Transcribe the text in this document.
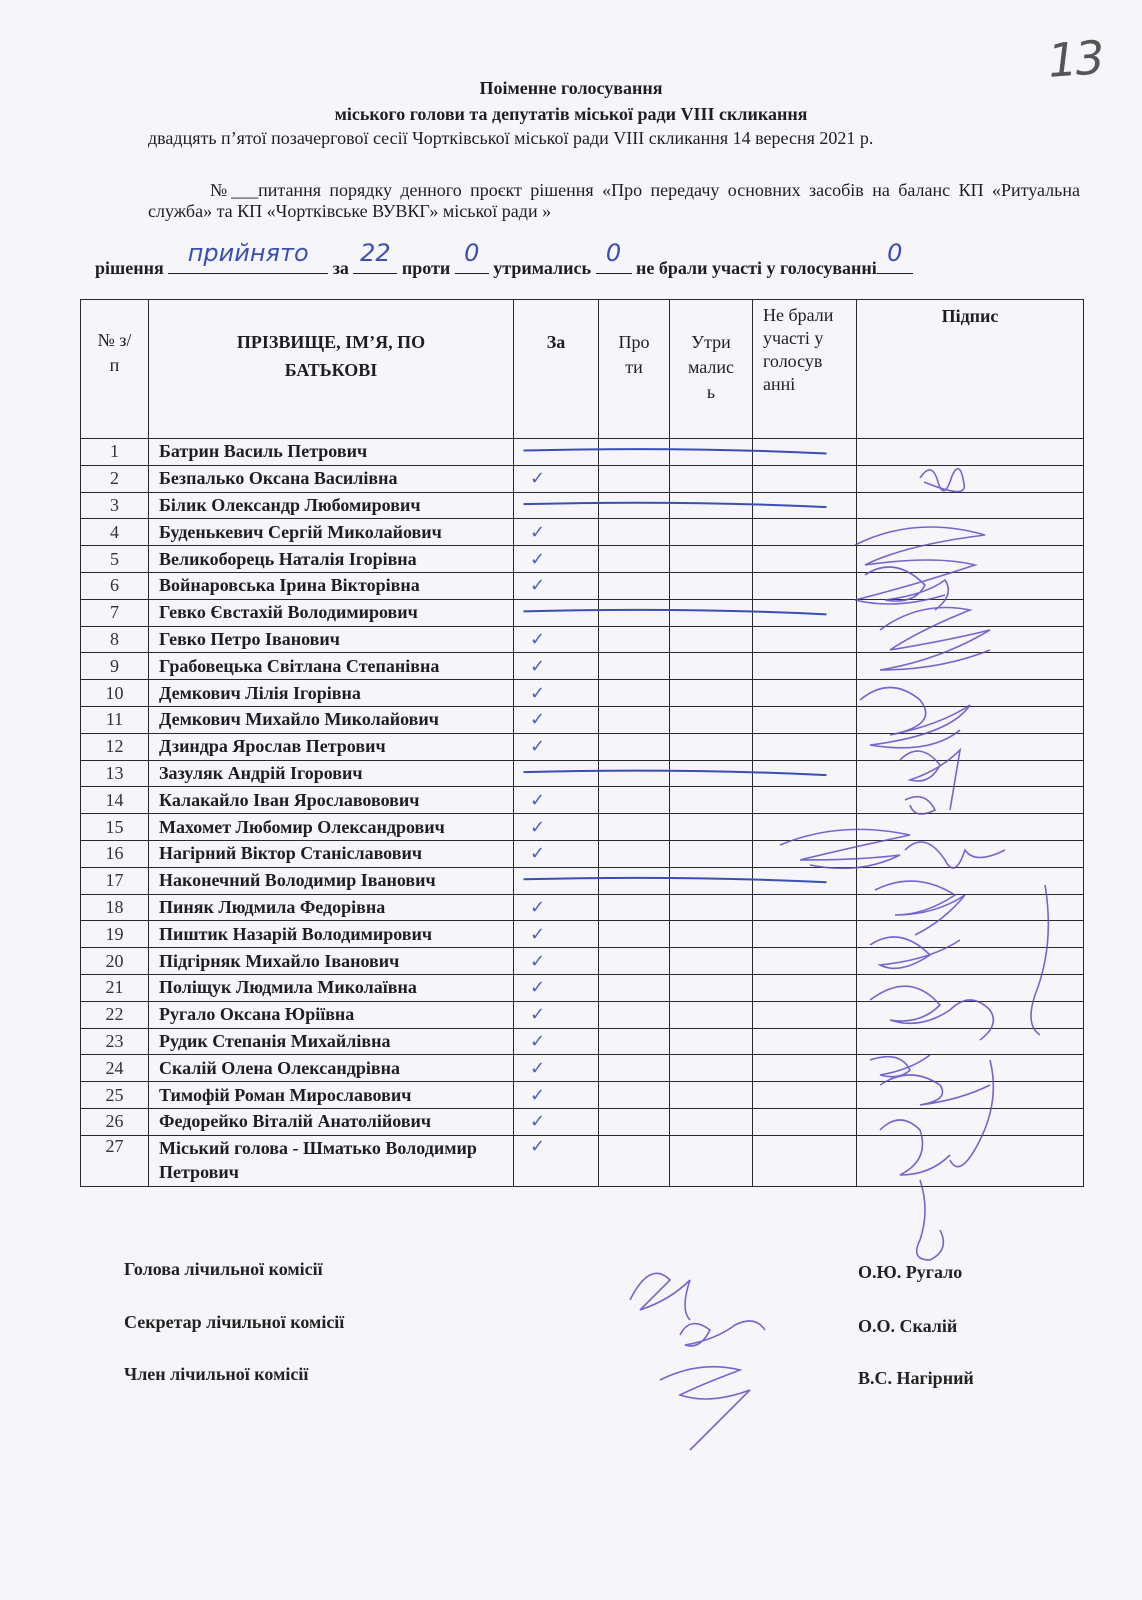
13
Поіменне голосування
міського голови та депутатів міської ради VIII скликання
двадцять п’ятої позачергової сесії Чортківської міської ради VIII скликання 14 вересня 2021 р.
№___питання порядку денного проєкт рішення «Про передачу основних засобів на баланс КП «Ритуальна служба» та КП «Чортківське ВУВКГ» міської ради »
рішення
прийнято
за
22
проти
0
утримались
0
не брали участі у голосуванні
0
№ з/п	ПРІЗВИЩЕ, ІМ’Я, ПО БАТЬКОВІ	За	Про ти	Утри малис ь	Не брали участі у голосув анні	Підпис

1	Батрин Василь Петрович					
2	Безпалько Оксана Василівна	✓				
3	Білик Олександр Любомирович					
4	Буденькевич Сергій Миколайович	✓				
5	Великоборець Наталія Ігорівна	✓				
6	Войнаровська Ірина Вікторівна	✓				
7	Гевко Євстахій Володимирович					
8	Гевко Петро Іванович	✓				
9	Грабовецька Світлана Степанівна	✓				
10	Демкович Лілія Ігорівна	✓				
11	Демкович Михайло Миколайович	✓				
12	Дзиндра Ярослав Петрович	✓				
13	Зазуляк Андрій Ігорович					
14	Калакайло Іван Ярославовович	✓				
15	Махомет Любомир Олександрович	✓				
16	Нагірний Віктор Станіславович	✓				
17	Наконечний Володимир Іванович					
18	Пиняк Людмила Федорівна	✓				
19	Пиштик Назарій Володимирович	✓				
20	Підгірняк Михайло Іванович	✓				
21	Поліщук Людмила Миколаївна	✓				
22	Ругало Оксана Юріївна	✓				
23	Рудик Степанія Михайлівна	✓				
24	Скалій Олена Олександрівна	✓				
25	Тимофій Роман Мирославович	✓				
26	Федорейко Віталій Анатолійович	✓				
27	Міський голова - Шматько Володимир Петрович	✓				
Голова лічильної комісії
Секретар лічильної комісії
Член лічильної комісії
О.Ю. Ругало
О.О. Скалій
В.С. Нагірний
